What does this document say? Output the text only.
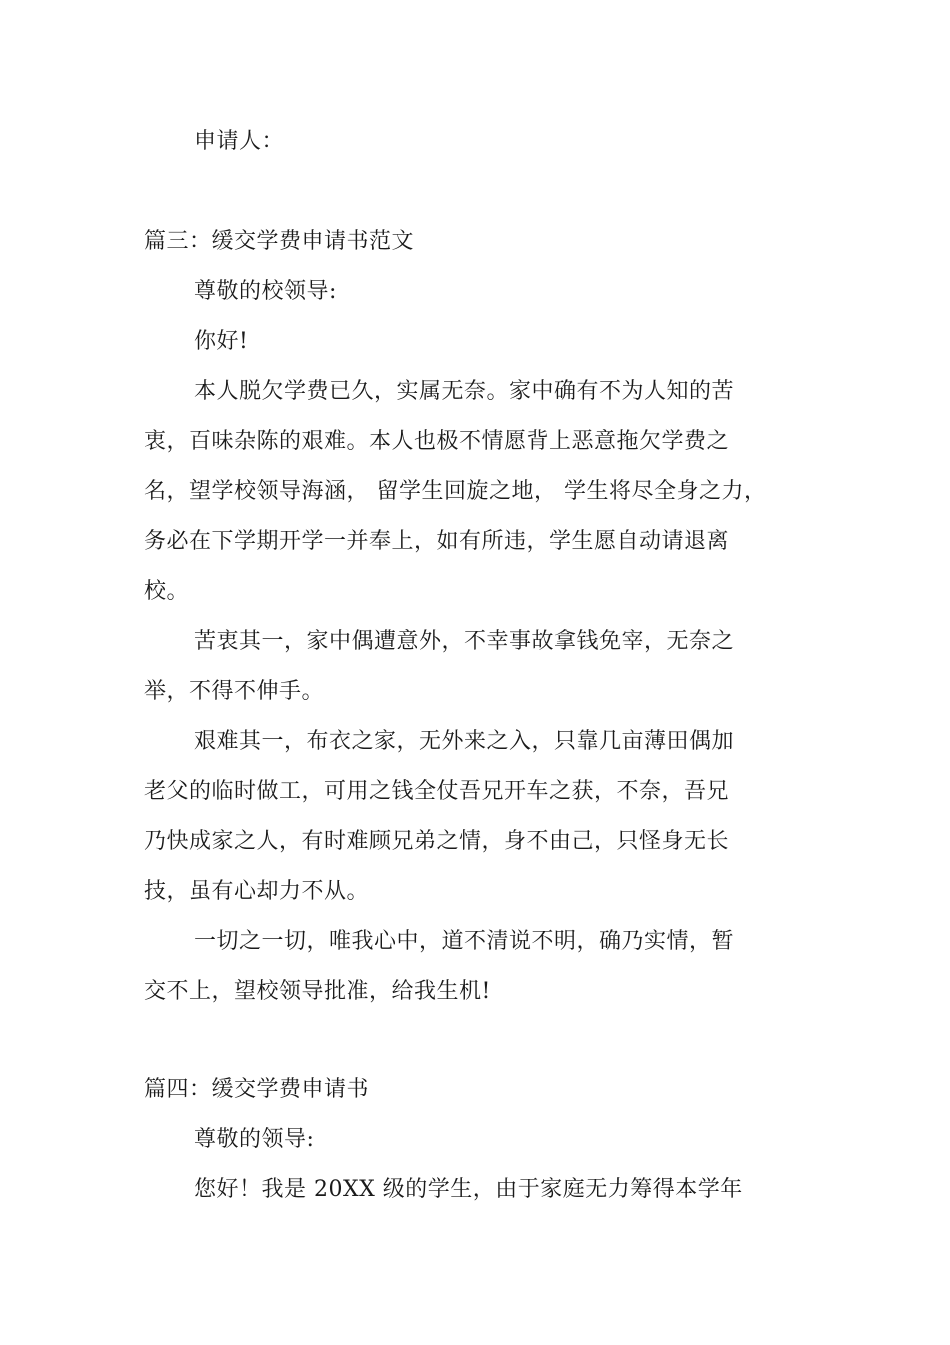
申请人：
篇三：缓交学费申请书范文
尊敬的校领导:
你好!
本人脱欠学费已久，实属无奈。家中确有不为人知的苦
衷，百味杂陈的艰难。本人也极不情愿背上恶意拖欠学费之
名，望学校领导海涵， 留学生回旋之地， 学生将尽全身之力，
务必在下学期开学一并奉上，如有所违，学生愿自动请退离
校。
苦衷其一，家中偶遭意外，不幸事故拿钱免宰，无奈之
举，不得不伸手。
艰难其一，布衣之家，无外来之入，只靠几亩薄田偶加
老父的临时做工，可用之钱全仗吾兄开车之获，不奈，吾兄
乃快成家之人，有时难顾兄弟之情，身不由己，只怪身无长
技，虽有心却力不从。
一切之一切，唯我心中，道不清说不明，确乃实情，暂
交不上，望校领导批准，给我生机!
篇四：缓交学费申请书
尊敬的领导:
您好！我是 20XX 级的学生，由于家庭无力筹得本学年
